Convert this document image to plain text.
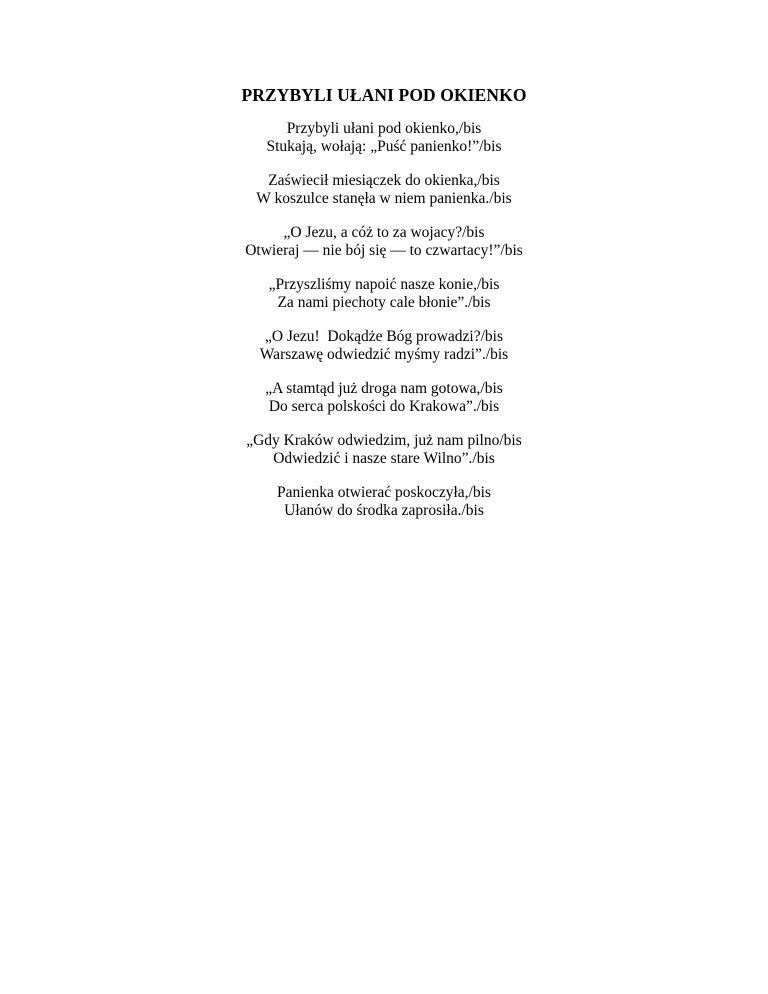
PRZYBYLI UŁANI POD OKIENKO
Przybyli ułani pod okienko,/bis
Stukają, wołają: „Puść panienko!”/bis
Zaświecił miesiączek do okienka,/bis
W koszulce stanęła w niem panienka./bis
„O Jezu, a cóż to za wojacy?/bis
Otwieraj — nie bój się — to czwartacy!”/bis
„Przyszliśmy napoić nasze konie,/bis
Za nami piechoty cale błonie”./bis
„O Jezu!  Dokądże Bóg prowadzi?/bis
Warszawę odwiedzić myśmy radzi”./bis
„A stamtąd już droga nam gotowa,/bis
Do serca polskości do Krakowa”./bis
„Gdy Kraków odwiedzim, już nam pilno/bis
Odwiedzić i nasze stare Wilno”./bis
Panienka otwierać poskoczyła,/bis
Ułanów do środka zaprosiła./bis
